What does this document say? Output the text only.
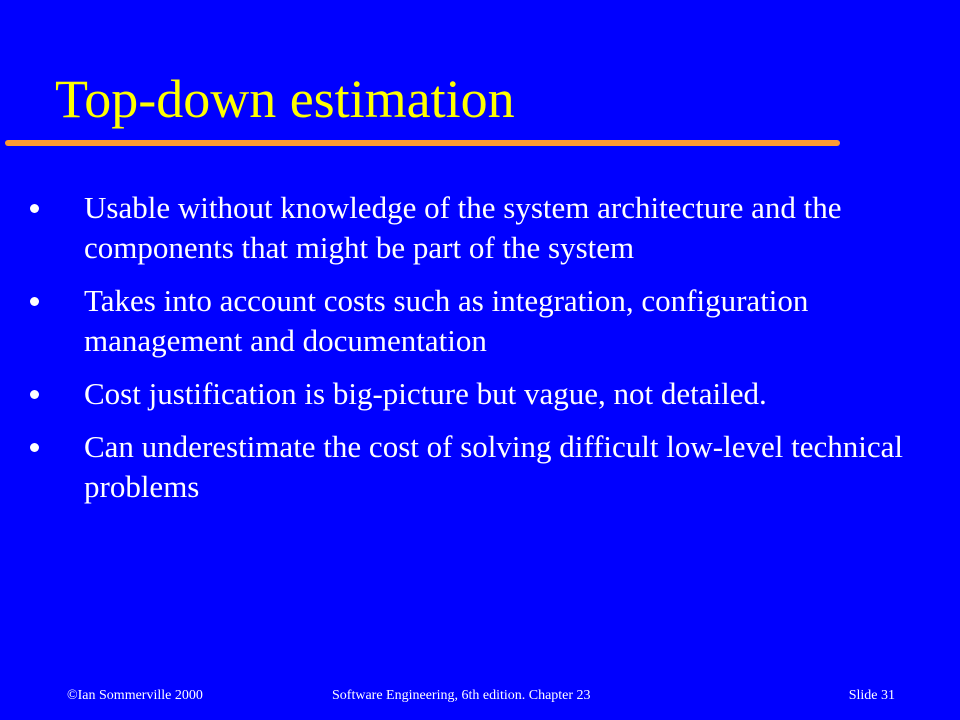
Top-down estimation
Usable without knowledge of the system architecture and the components that might be part of the system
Takes into account costs such as integration, configuration management and documentation
Cost justification is big-picture but vague, not detailed.
Can underestimate the cost of solving difficult low-level technical problems
©Ian Sommerville 2000	Software Engineering, 6th edition. Chapter 23	Slide 31
